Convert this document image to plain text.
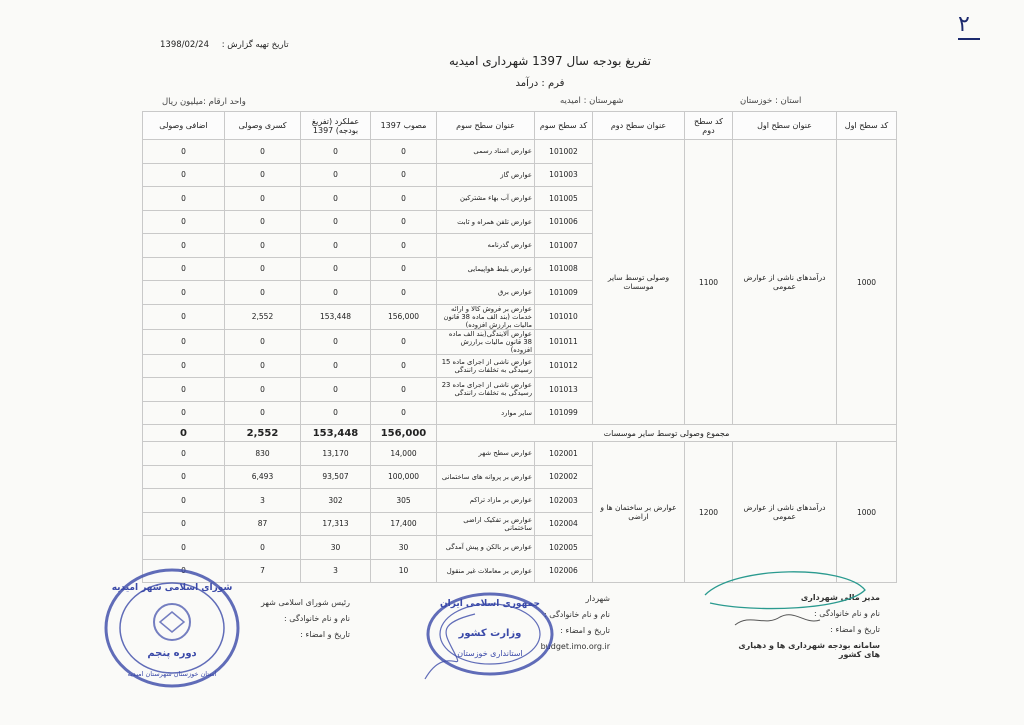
۲
تاریخ تهیه گزارش : 1398/02/24
تفریغ بودجه سال 1397 شهرداری امیدیه
فرم : درآمد
واحد ارقام :میلیون ریال	شهرستان : امیدیه	استان : خوزستان
کد سطح اول	عنوان سطح اول	کد سطح دوم	عنوان سطح دوم	کد سطح سوم	عنوان سطح سوم	مصوب 1397	عملکرد (تفریغ بودجه) 1397	کسری وصولی	اضافی وصولی
1000	درآمدهای ناشی از عوارض عمومی	1100	وصولی توسط سایر موسسات	101002	عوارض اسناد رسمی	0	0	0	0
				101003	عوارض گاز	0	0	0	0
				101005	عوارض آب بهاء مشترکین	0	0	0	0
				101006	عوارض تلفن همراه و ثابت	0	0	0	0
				101007	عوارض گذرنامه	0	0	0	0
				101008	عوارض بلیط هواپیمایی	0	0	0	0
				101009	عوارض برق	0	0	0	0
				101010	عوارض بر فروش کالا و ارائه خدمات (بند الف ماده 38 قانون مالیات برارزش افزوده)	156,000	153,448	2,552	0
				101011	عوارض آلایندگی(بند الف ماده 38 قانون مالیات برارزش افزوده)	0	0	0	0
				101012	عوارض ناشی از اجرای ماده 15 رسیدگی به تخلفات رانندگی	0	0	0	0
				101013	عوارض ناشی از اجرای ماده 23 رسیدگی به تخلفات رانندگی	0	0	0	0
				101099	سایر موارد	0	0	0	0
مجموع وصولی توسط سایر موسسات						156,000	153,448	2,552	0
1000	درآمدهای ناشی از عوارض عمومی	1200	عوارض بر ساختمان ها و اراضی	102001	عوارض سطح شهر	14,000	13,170	830	0
				102002	عوارض بر پروانه های ساختمانی	100,000	93,507	6,493	0
				102003	عوارض بر مازاد تراکم	305	302	3	0
				102004	عوارض بر تفکیک اراضی ساختمانی	17,400	17,313	87	0
				102005	عوارض بر بالکن و پیش آمدگی	30	30	0	0
				102006	عوارض بر معاملات غیر منقول	10	3	7	0
مدیر مالی شهرداری
نام و نام خانوادگی :
تاریخ و امضاء :
سامانه بودجه شهرداری ها و دهیاری های کشور
شهردار
نام و نام خانوادگی :
تاریخ و امضاء :
budget.imo.org.ir
رئیس شورای اسلامی شهر
نام و نام خانوادگی :
تاریخ و امضاء :
شورای اسلامی شهر امیدیه
دوره پنجم
استان خوزستان شهرستان امیدیه
جمهوری اسلامی ایران
وزارت کشور
استانداری خوزستان
